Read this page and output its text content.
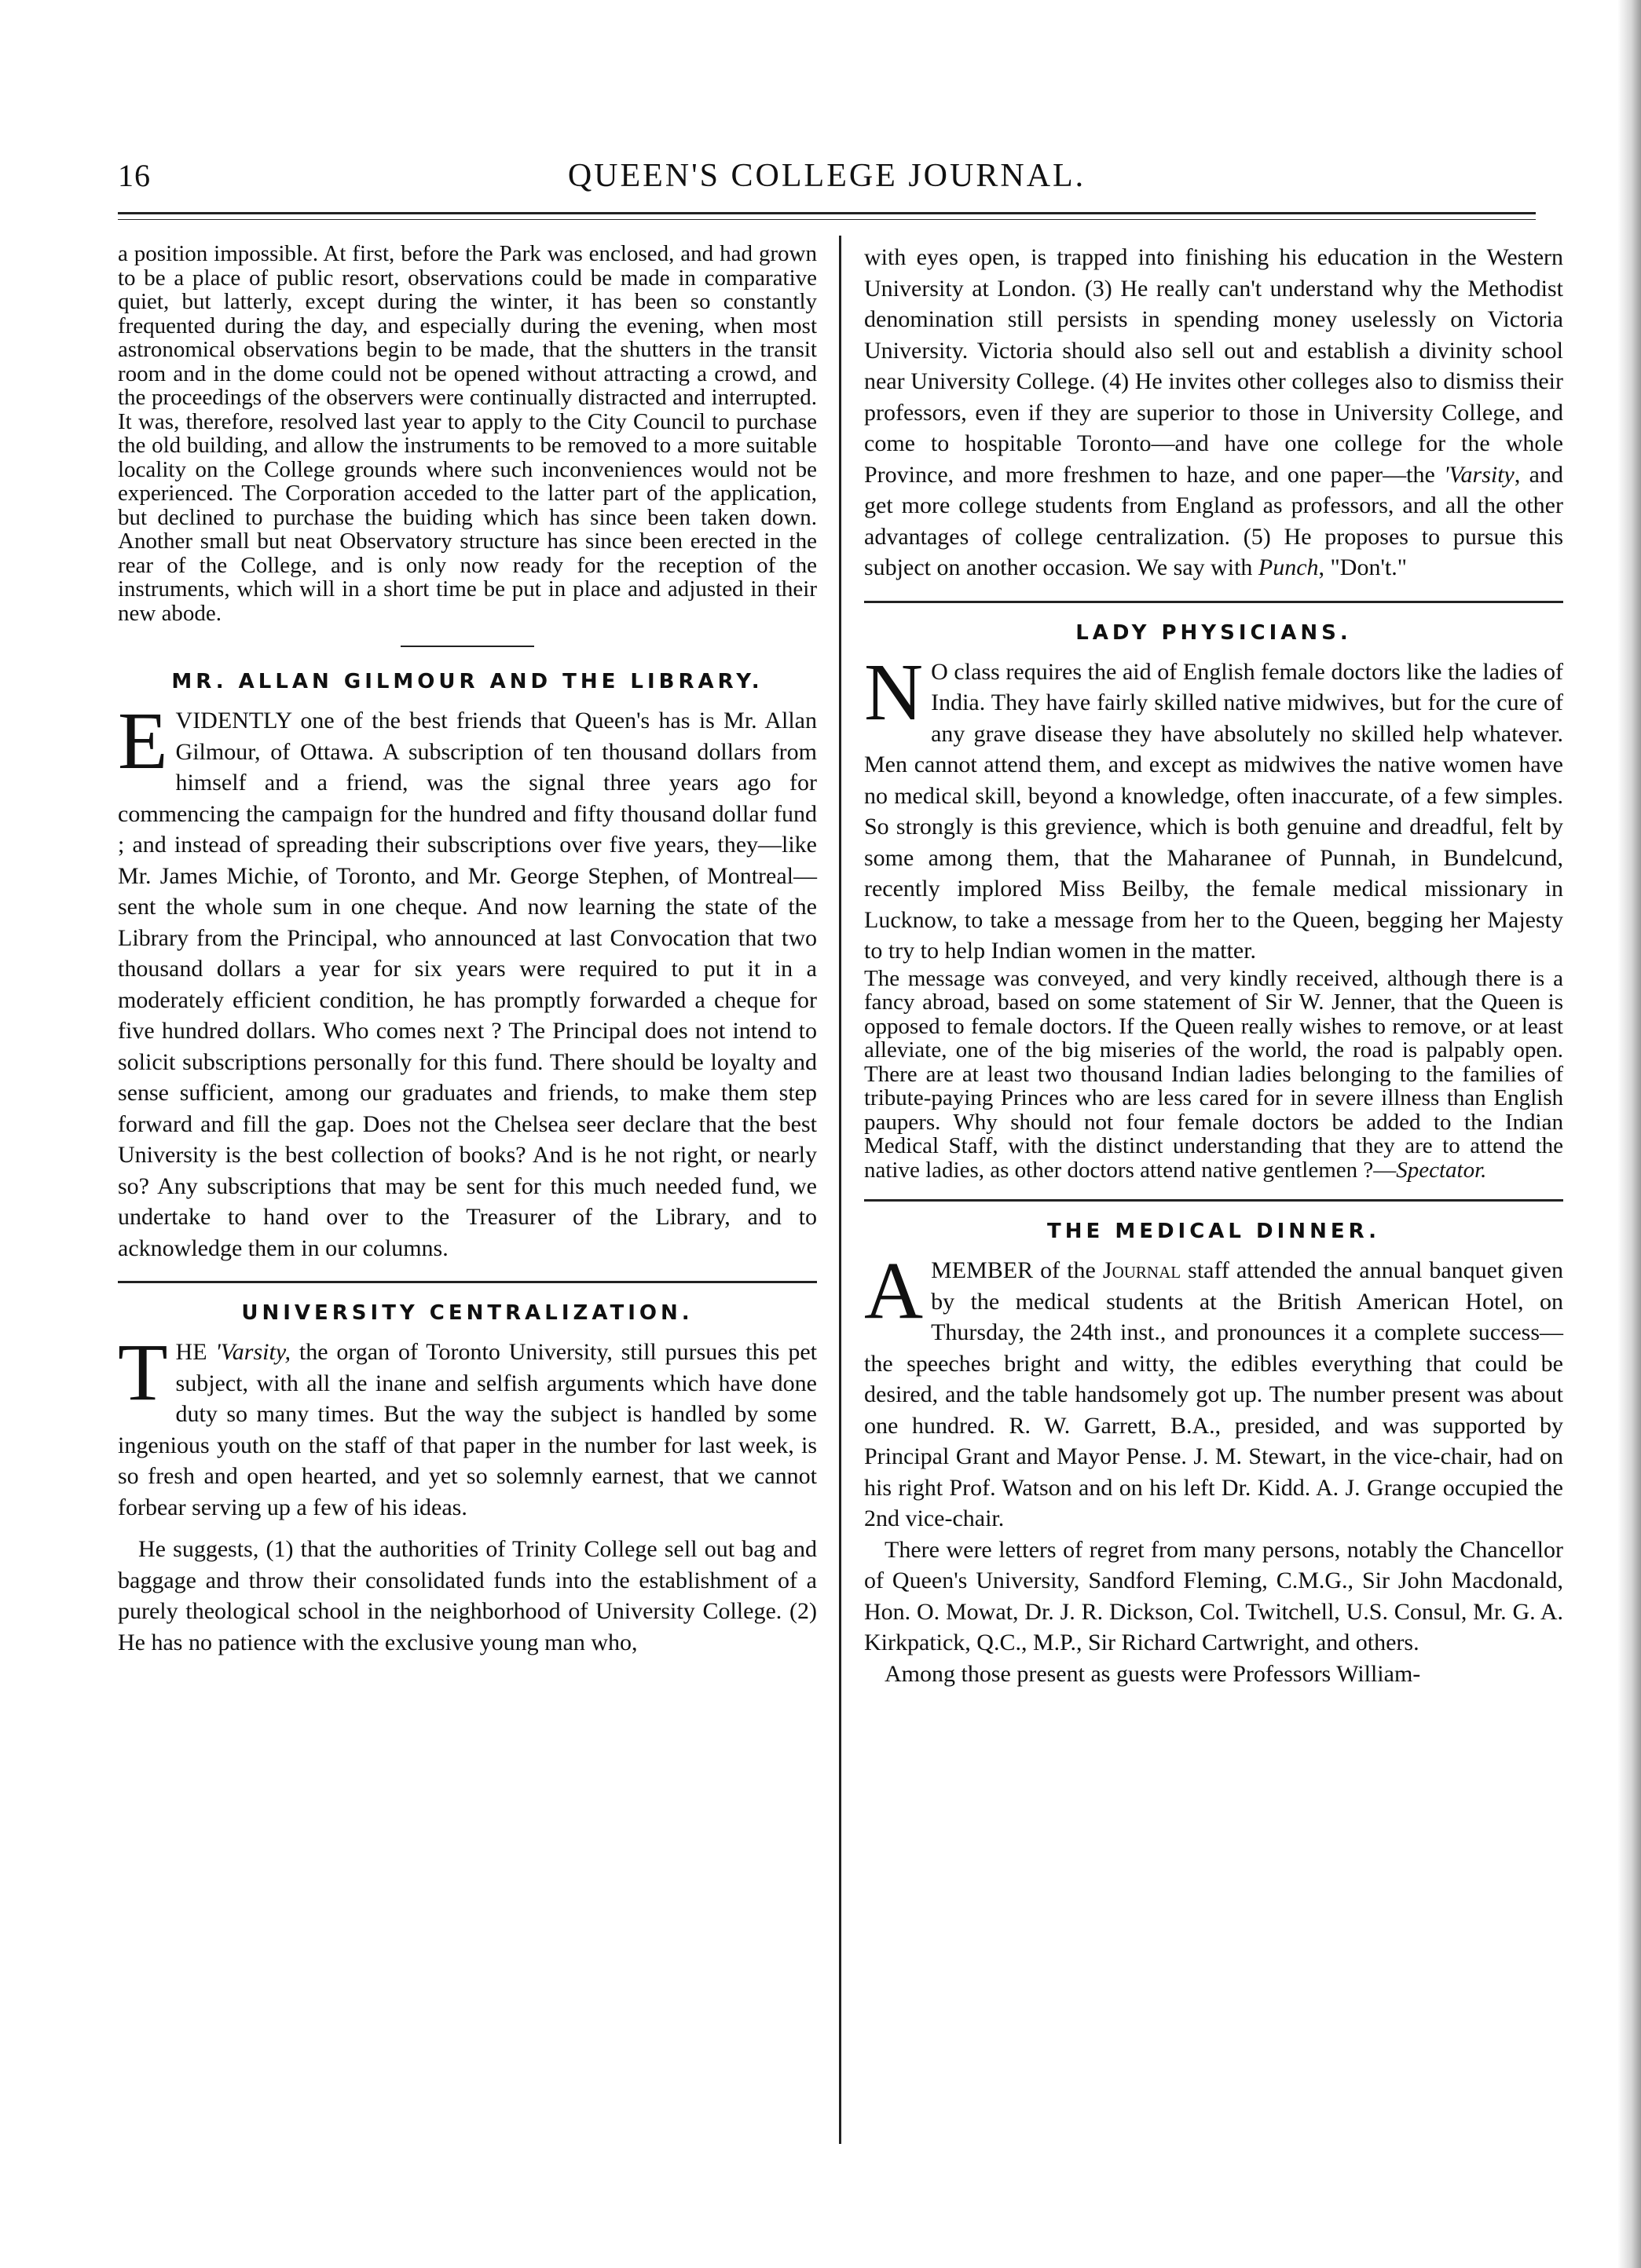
16	QUEEN'S COLLEGE JOURNAL.

a position impossible. At first, before the Park was enclosed, and had grown to be a place of public resort, observations could be made in comparative quiet, but latterly, except during the winter, it has been so constantly frequented during the day, and especially during the evening, when most astronomical observations begin to be made, that the shutters in the transit room and in the dome could not be opened without attracting a crowd, and the proceedings of the observers were continually distracted and interrupted. It was, therefore, resolved last year to apply to the City Council to purchase the old building, and allow the instruments to be removed to a more suitable locality on the College grounds where such inconveniences would not be experienced. The Corporation acceded to the latter part of the application, but declined to purchase the buiding which has since been taken down. Another small but neat Observatory structure has since been erected in the rear of the College, and is only now ready for the reception of the instruments, which will in a short time be put in place and adjusted in their new abode.

MR. ALLAN GILMOUR AND THE LIBRARY.

EVIDENTLY one of the best friends that Queen's has is Mr. Allan Gilmour, of Ottawa. A subscription of ten thousand dollars from himself and a friend, was the signal three years ago for commencing the campaign for the hundred and fifty thousand dollar fund ; and instead of spreading their subscriptions over five years, they—like Mr. James Michie, of Toronto, and Mr. George Stephen, of Montreal—sent the whole sum in one cheque. And now learning the state of the Library from the Principal, who announced at last Convocation that two thousand dollars a year for six years were required to put it in a moderately efficient condition, he has promptly forwarded a cheque for five hundred dollars. Who comes next ? The Principal does not intend to solicit subscriptions personally for this fund. There should be loyalty and sense sufficient, among our graduates and friends, to make them step forward and fill the gap. Does not the Chelsea seer declare that the best University is the best collection of books? And is he not right, or nearly so? Any subscriptions that may be sent for this much needed fund, we undertake to hand over to the Treasurer of the Library, and to acknowledge them in our columns.

UNIVERSITY CENTRALIZATION.

THE 'Varsity, the organ of Toronto University, still pursues this pet subject, with all the inane and selfish arguments which have done duty so many times. But the way the subject is handled by some ingenious youth on the staff of that paper in the number for last week, is so fresh and open hearted, and yet so solemnly earnest, that we cannot forbear serving up a few of his ideas.

He suggests, (1) that the authorities of Trinity College sell out bag and baggage and throw their consolidated funds into the establishment of a purely theological school in the neighborhood of University College. (2) He has no patience with the exclusive young man who,

with eyes open, is trapped into finishing his education in the Western University at London. (3) He really can't understand why the Methodist denomination still persists in spending money uselessly on Victoria University. Victoria should also sell out and establish a divinity school near University College. (4) He invites other colleges also to dismiss their professors, even if they are superior to those in University College, and come to hospitable Toronto—and have one college for the whole Province, and more freshmen to haze, and one paper—the 'Varsity, and get more college students from England as professors, and all the other advantages of college centralization. (5) He proposes to pursue this subject on another occasion. We say with Punch, "Don't."

LADY PHYSICIANS.

N O class requires the aid of English female doctors like the ladies of India. They have fairly skilled native midwives, but for the cure of any grave disease they have absolutely no skilled help whatever. Men cannot attend them, and except as midwives the native women have no medical skill, beyond a knowledge, often inaccurate, of a few simples. So strongly is this grevience, which is both genuine and dreadful, felt by some among them, that the Maharanee of Punnah, in Bundelcund, recently implored Miss Beilby, the female medical missionary in Lucknow, to take a message from her to the Queen, begging her Majesty to try to help Indian women in the matter.

The message was conveyed, and very kindly received, although there is a fancy abroad, based on some statement of Sir W. Jenner, that the Queen is opposed to female doctors. If the Queen really wishes to remove, or at least alleviate, one of the big miseries of the world, the road is palpably open. There are at least two thousand Indian ladies belonging to the families of tribute-paying Princes who are less cared for in severe illness than English paupers. Why should not four female doctors be added to the Indian Medical Staff, with the distinct understanding that they are to attend the native ladies, as other doctors attend native gentlemen ?—Spectator.

THE MEDICAL DINNER.

AMEMBER of the Journal staff attended the annual banquet given by the medical students at the British American Hotel, on Thursday, the 24th inst., and pronounces it a complete success—the speeches bright and witty, the edibles everything that could be desired, and the table handsomely got up. The number present was about one hundred. R. W. Garrett, B.A., presided, and was supported by Principal Grant and Mayor Pense. J. M. Stewart, in the vice-chair, had on his right Prof. Watson and on his left Dr. Kidd. A. J. Grange occupied the 2nd vice-chair.

There were letters of regret from many persons, notably the Chancellor of Queen's University, Sandford Fleming, C.M.G., Sir John Macdonald, Hon. O. Mowat, Dr. J. R. Dickson, Col. Twitchell, U.S. Consul, Mr. G. A. Kirkpatick, Q.C., M.P., Sir Richard Cartwright, and others.

Among those present as guests were Professors William-
